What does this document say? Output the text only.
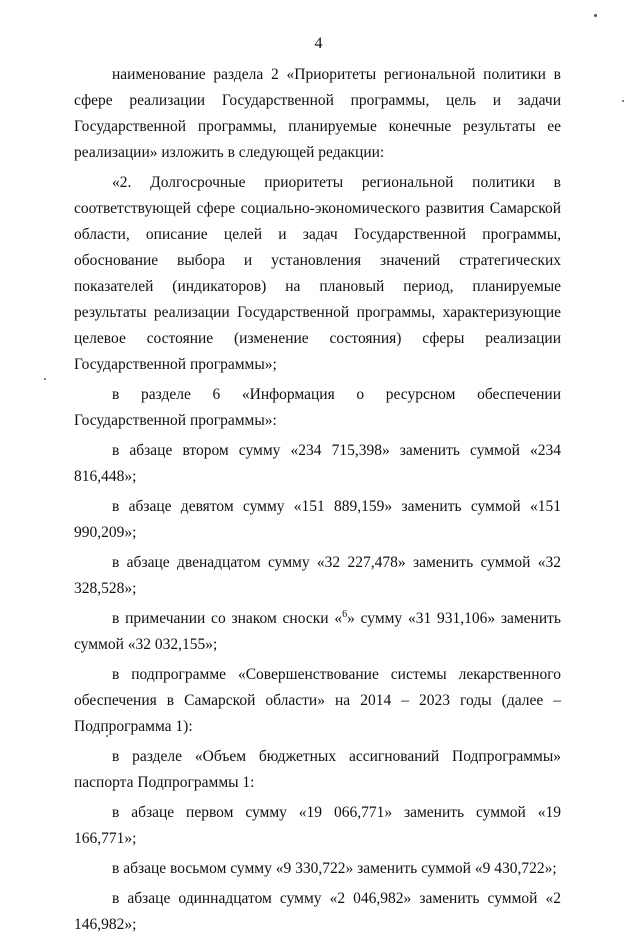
4

наименование раздела 2 «Приоритеты региональной политики в сфере реализации Государственной программы, цель и задачи Государственной программы, планируемые конечные результаты ее реализации» изложить в следующей редакции:

«2. Долгосрочные приоритеты региональной политики в соответствующей сфере социально-экономического развития Самарской области, описание целей и задач Государственной программы, обоснование выбора и установления значений стратегических показателей (индикаторов) на плановый период, планируемые результаты реализации Государственной программы, характеризующие целевое состояние (изменение состояния) сферы реализации Государственной программы»;

в разделе 6 «Информация о ресурсном обеспечении Государственной программы»:

в абзаце втором сумму «234 715,398» заменить суммой «234 816,448»;

в абзаце девятом сумму «151 889,159» заменить суммой «151 990,209»;

в абзаце двенадцатом сумму «32 227,478» заменить суммой «32 328,528»;

в примечании со знаком сноски «$^6$» сумму «31 931,106» заменить суммой «32 032,155»;

в подпрограмме «Совершенствование системы лекарственного обеспечения в Самарской области» на 2014 – 2023 годы (далее – Подпрограмма 1):

в разделе «Объем бюджетных ассигнований Подпрограммы» паспорта Подпрограммы 1:

в абзаце первом сумму «19 066,771» заменить суммой «19 166,771»;

в абзаце восьмом сумму «9 330,722» заменить суммой «9 430,722»;

в абзаце одиннадцатом сумму «2 046,982» заменить суммой «2 146,982»;
